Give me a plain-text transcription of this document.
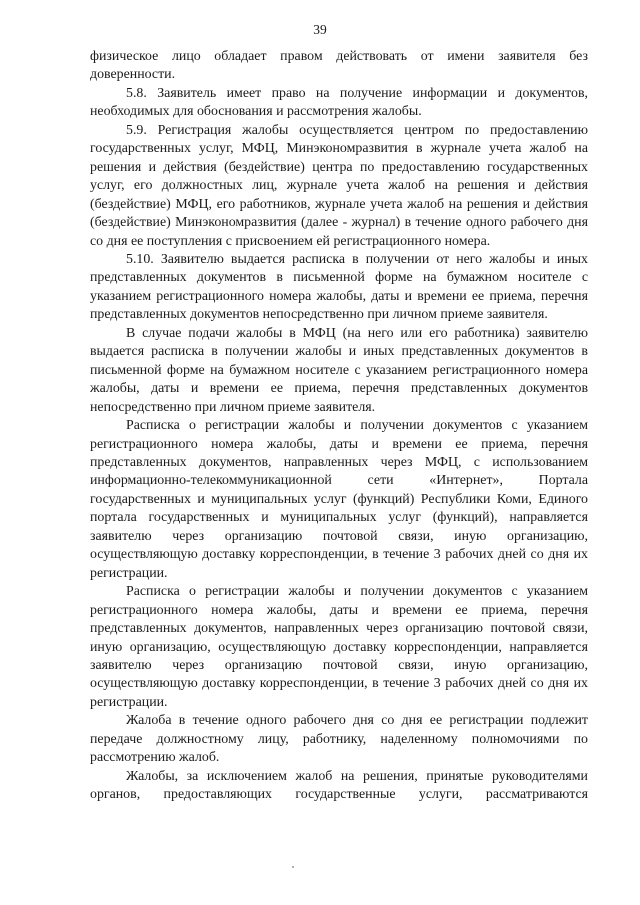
39

физическое лицо обладает правом действовать от имени заявителя без доверенности.

5.8. Заявитель имеет право на получение информации и документов, необходимых для обоснования и рассмотрения жалобы.

5.9. Регистрация жалобы осуществляется центром по предоставлению государственных услуг, МФЦ, Минэкономразвития в журнале учета жалоб на решения и действия (бездействие) центра по предоставлению государственных услуг, его должностных лиц, журнале учета жалоб на решения и действия (бездействие) МФЦ, его работников, журнале учета жалоб на решения и действия (бездействие) Минэкономразвития (далее - журнал) в течение одного рабочего дня со дня ее поступления с присвоением ей регистрационного номера.

5.10. Заявителю выдается расписка в получении от него жалобы и иных представленных документов в письменной форме на бумажном носителе с указанием регистрационного номера жалобы, даты и времени ее приема, перечня представленных документов непосредственно при личном приеме заявителя.

В случае подачи жалобы в МФЦ (на него или его работника) заявителю выдается расписка в получении жалобы и иных представленных документов в письменной форме на бумажном носителе с указанием регистрационного номера жалобы, даты и времени ее приема, перечня представленных документов непосредственно при личном приеме заявителя.

Расписка о регистрации жалобы и получении документов с указанием регистрационного номера жалобы, даты и времени ее приема, перечня представленных документов, направленных через МФЦ, с использованием информационно-телекоммуникационной сети «Интернет», Портала государственных и муниципальных услуг (функций) Республики Коми, Единого портала государственных и муниципальных услуг (функций), направляется заявителю через организацию почтовой связи, иную организацию, осуществляющую доставку корреспонденции, в течение 3 рабочих дней со дня их регистрации.

Расписка о регистрации жалобы и получении документов с указанием регистрационного номера жалобы, даты и времени ее приема, перечня представленных документов, направленных через организацию почтовой связи, иную организацию, осуществляющую доставку корреспонденции, направляется заявителю через организацию почтовой связи, иную организацию, осуществляющую доставку корреспонденции, в течение 3 рабочих дней со дня их регистрации.

Жалоба в течение одного рабочего дня со дня ее регистрации подлежит передаче должностному лицу, работнику, наделенному полномочиями по рассмотрению жалоб.

Жалобы, за исключением жалоб на решения, принятые руководителями органов, предоставляющих государственные услуги, рассматриваются
